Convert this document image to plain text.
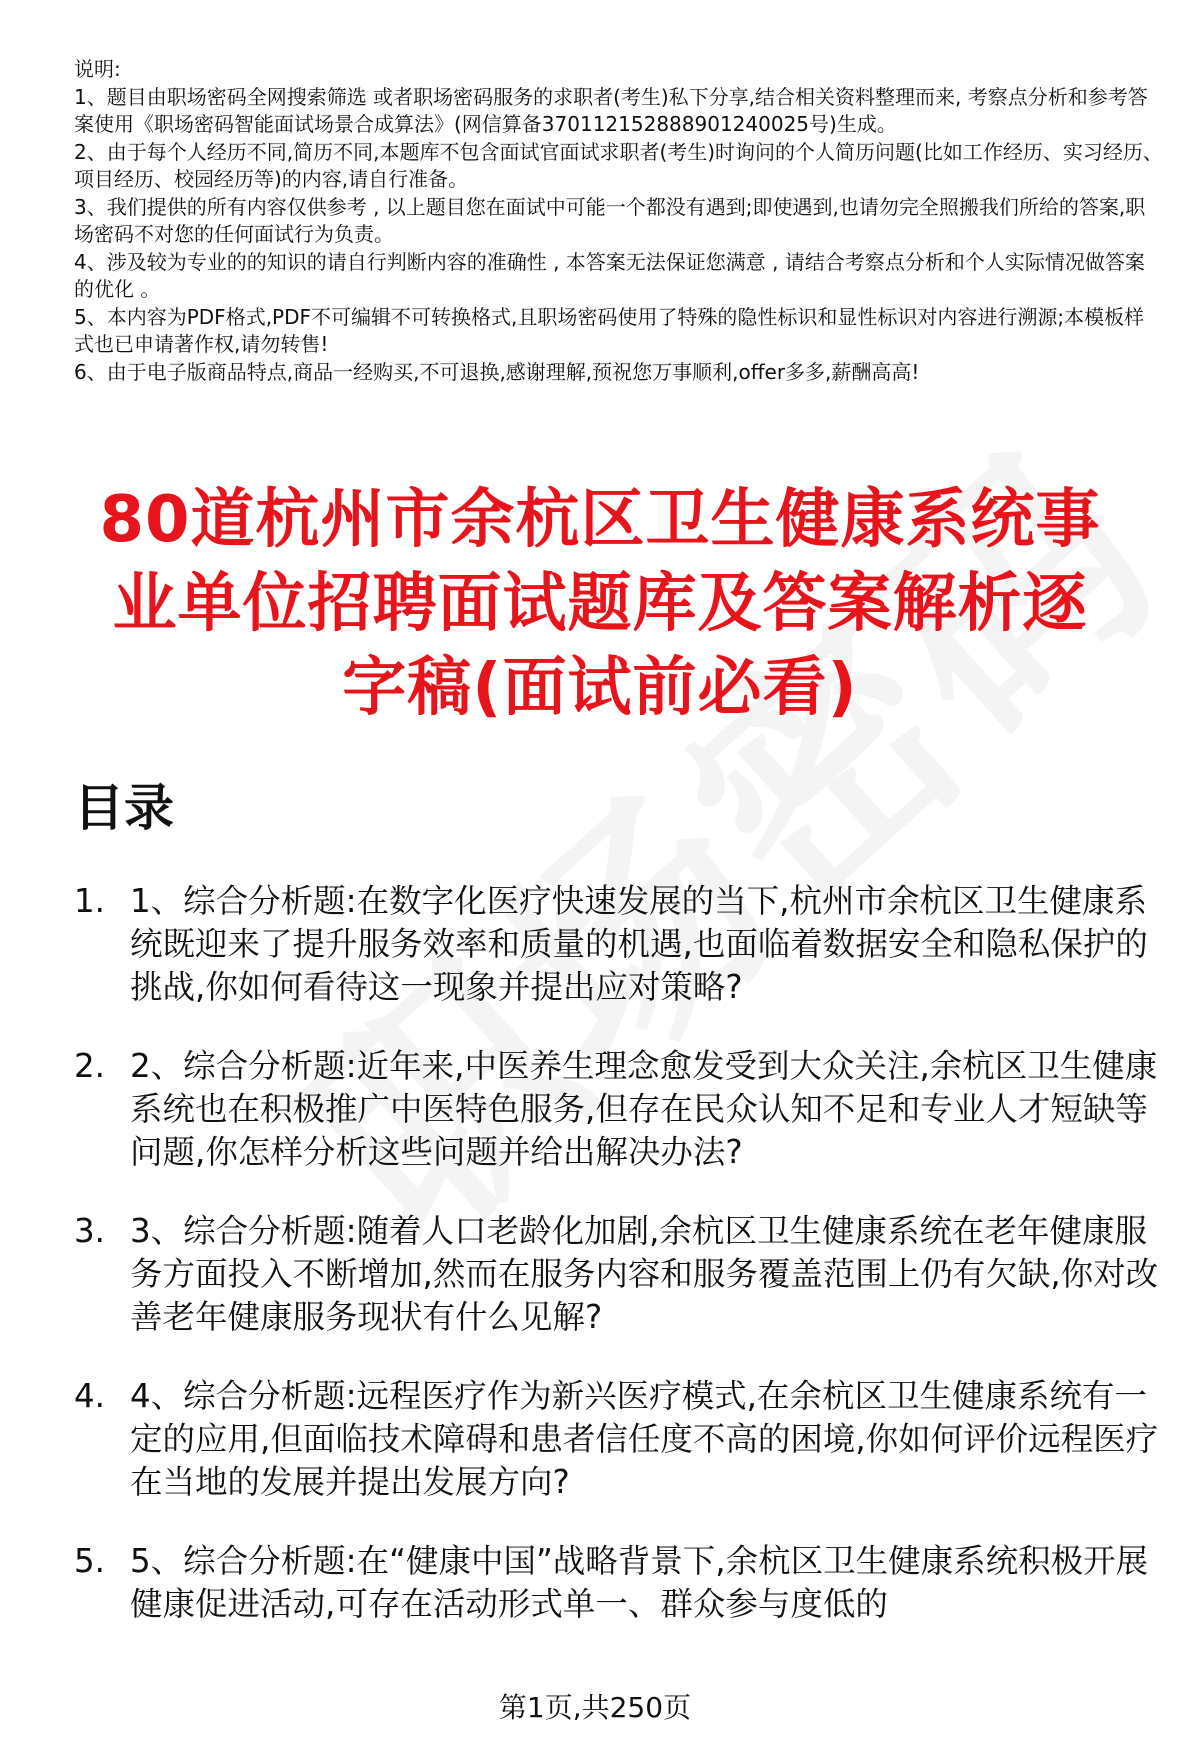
说明:

1、题目由职场密码全网搜索筛选 或者职场密码服务的求职者(考生)私下分享,结合相关资料整理而来, 考察点分析和参考答案使用《职场密码智能面试场景合成算法》(网信算备370112152888901240025号)生成。

2、由于每个人经历不同,简历不同,本题库不包含面试官面试求职者(考生)时询问的个人简历问题(比如工作经历、实习经历、项目经历、校园经历等)的内容,请自行准备。

3、我们提供的所有内容仅供参考 , 以上题目您在面试中可能一个都没有遇到;即使遇到,也请勿完全照搬我们所给的答案,职场密码不对您的任何面试行为负责。

4、涉及较为专业的的知识的请自行判断内容的准确性 , 本答案无法保证您满意 , 请结合考察点分析和个人实际情况做答案的优化 。

5、本内容为PDF格式,PDF不可编辑不可转换格式,且职场密码使用了特殊的隐性标识和显性标识对内容进行溯源;本模板样式也已申请著作权,请勿转售!

6、由于电子版商品特点,商品一经购买,不可退换,感谢理解,预祝您万事顺利,offer多多,薪酬高高!

80道杭州市余杭区卫生健康系统事
业单位招聘面试题库及答案解析逐
字稿(面试前必看)
目录
1. 1、综合分析题:在数字化医疗快速发展的当下,杭州市余杭区卫生健康系统既迎来了提升服务效率和质量的机遇,也面临着数据安全和隐私保护的挑战,你如何看待这一现象并提出应对策略?
2. 2、综合分析题:近年来,中医养生理念愈发受到大众关注,余杭区卫生健康系统也在积极推广中医特色服务,但存在民众认知不足和专业人才短缺等问题,你怎样分析这些问题并给出解决办法?
3. 3、综合分析题:随着人口老龄化加剧,余杭区卫生健康系统在老年健康服务方面投入不断增加,然而在服务内容和服务覆盖范围上仍有欠缺,你对改善老年健康服务现状有什么见解?
4. 4、综合分析题:远程医疗作为新兴医疗模式,在余杭区卫生健康系统有一定的应用,但面临技术障碍和患者信任度不高的困境,你如何评价远程医疗在当地的发展并提出发展方向?
5. 5、综合分析题:在“健康中国”战略背景下,余杭区卫生健康系统积极开展健康促进活动,可存在活动形式单一、群众参与度低的
第1页,共250页
